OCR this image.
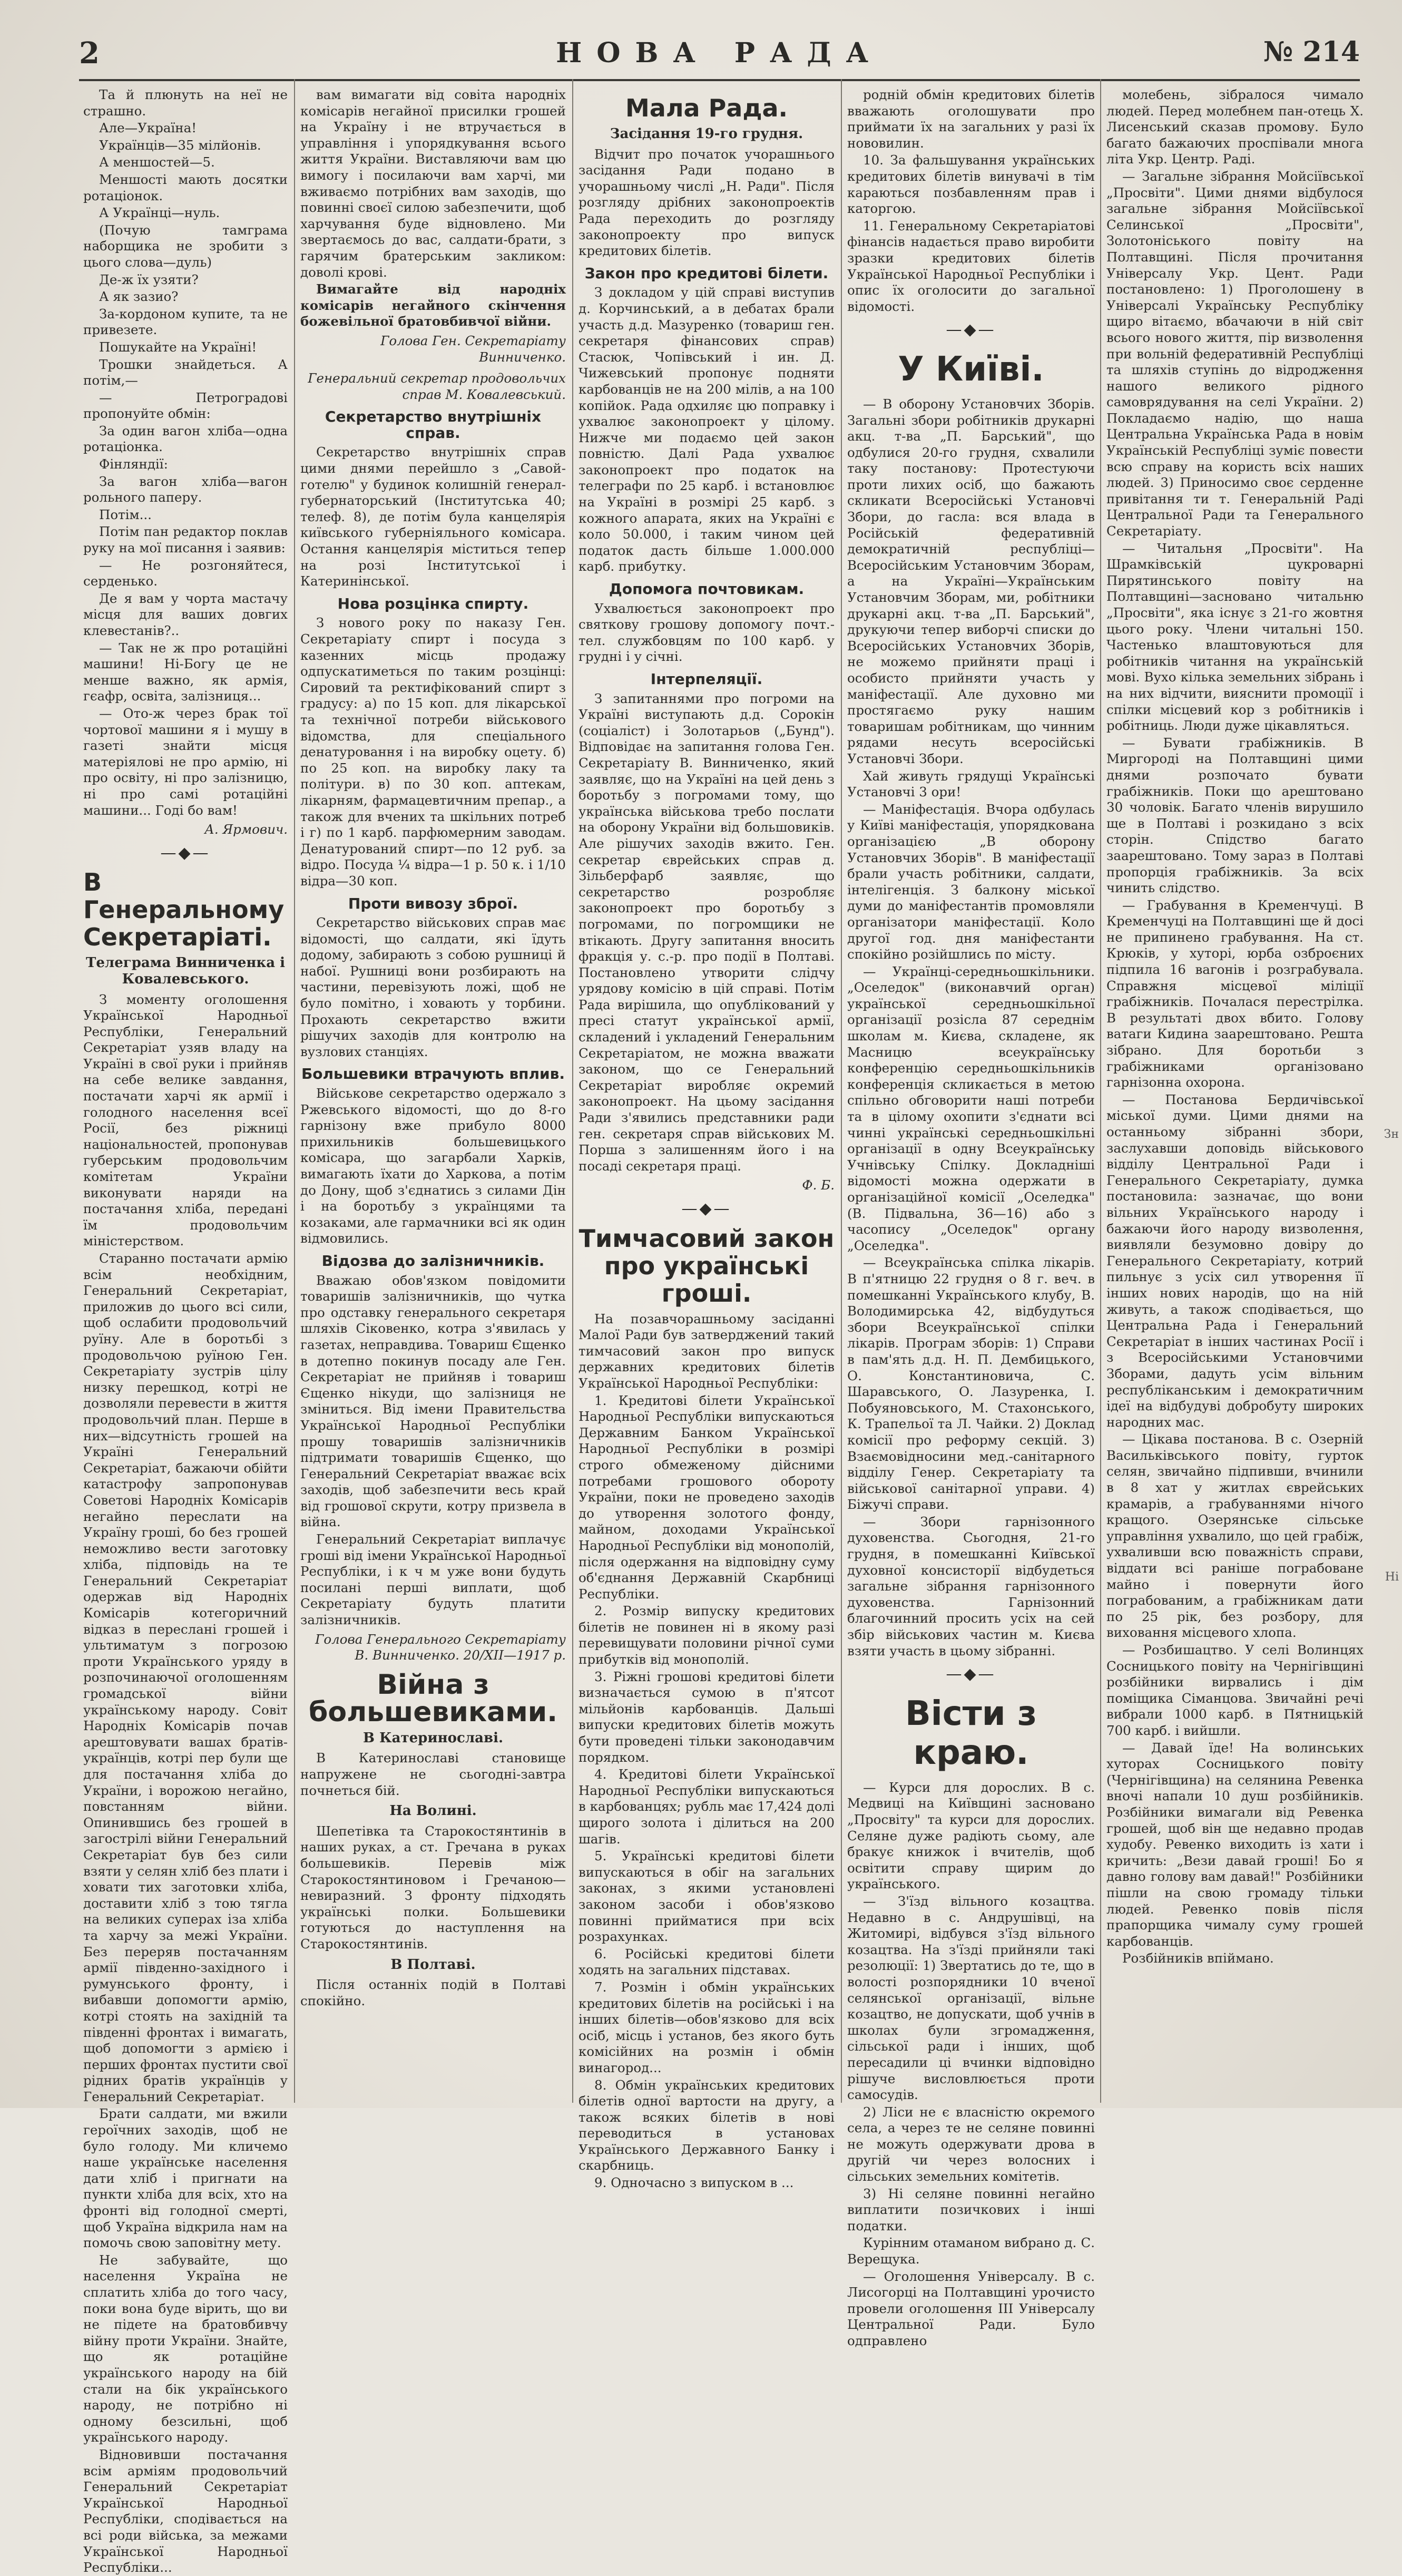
2	НОВА РАДА	№ 214

Та й плюнуть на неї не страшно.

Але—Україна!

Українців—35 мілйонів.

А меншостей—5.

Меншості мають досятки ротаціонок.

А Українці—нуль.

(Почую тамграма наборщика не зробити з цього слова—дуль)

Де-ж їх узяти?

А як зазио?

За-кордоном купите, та не привезете.

Пошукайте на Україні!

Трошки знайдеться. А потім,—

— Петроградові пропонуйте обмін:

За один вагон хліба—одна ротаціонка.

Фінляндії:

За вагон хліба—вагон рольного паперу.

Потім...

Потім пан редактор поклав руку на мої писання і заявив:

— Не розгоняйтеся, серденько.

Де я вам у чорта мастачу місця для ваших довгих клевестанів?..

— Так не ж про ротаційні машини! Ні-Богу це не менше важно, як армія, гєафр, освіта, залізниця...

— Ото-ж через брак тої чортової машини я і мушу в газеті знайти місця матеріялові не про армію, ні про освіту, ні про залізницю, ні про самі ротаційні машини... Годі бо вам!

А. Ярмович.
—◆—
В Генеральному Секретаріаті.
Телеграма Винниченка і Ковалевського.

З моменту оголошення Української Народньої Республіки, Генеральний Секретаріат узяв владу на Україні в свої руки і прийняв на себе велике завдання, постачати харчі як армії і голодного населення всеї Росії, без ріжниці національностей, пропонував губерським продовольчим комітетам України виконувати наряди на постачання хліба, передані їм продовольчим міністерством.

Старанно постачати армію всім необхідним, Генеральний Секретаріат, приложив до цього всі сили, щоб ослабити продовольчий руїну. Але в боротьбі з продовольчою руїною Ген. Секретаріату зустрів цілу низку перешкод, котрі не дозволяли перевести в життя продовольчий план. Перше в них—відсутність грошей на Україні Генеральний Секретаріат, бажаючи обійти катастрофу запропонував Советові Народніх Комісарів негайно переслати на Україну гроші, бо без грошей неможливо вести заготовку хліба, підповідь на те Генеральний Секретаріат одержав від Народніх Комісарів котегоричний відказ в переслані грошей і ультиматум з погрозою проти Українського уряду в розпочинаючої оголошенням громадської війни українському народу. Совіт Народніх Комісарів почав арештовувати вашах братів-українців, котрі пер були ще для постачання хліба до України, і ворожою негайно, повстанням війни. Опинившись без грошей в загострілі війни Генеральний Секретаріат був без сили взяти у селян хліб без плати і ховати тих заготовки хліба, доставити хліб з тою тягла на великих суперах іза хліба та харчу за межі України. Без переряв постачанням армії південно-західного і румунського фронту, і вибавши допомогти армію, котрі стоять на західній та південні фронтах і вимагать, щоб допомогти з армією і перших фронтах пустити свої рідних братів українців у Генеральний Секретаріат.

Брати салдати, ми вжили героїчних заходів, щоб не було голоду. Ми кличемо наше українське населення дати хліб і пригнати на пункти хліба для всіх, хто на фронті від голодної смерті, щоб Україна відкрила нам на помочь свою заповітну мету.

Не забувайте, що населення Україна не сплатить хліба до того часу, поки вона буде вірить, що ви не підете на братовбивчу війну проти України. Знайте, що як ротаційне українського народу на бій стали на бік українського народу, не потрібно ні одному безсильні, щоб українського народу.

Відновивши постачання всім арміям продовольчий Генеральний Секретаріат Української Народньої Республіки, сподівається на всі роди війська, за межами Української Народньої Республіки...

вам вимагати від совіта народніх комісарів негайної присилки грошей на Україну і не втручається в управління і упорядкування всього життя України. Виставляючи вам цю вимогу і посилаючи вам харчі, ми вживаємо потрібних вам заходів, що повинні своєї силою забезпечити, щоб харчування буде відновлено. Ми звертаємось до вас, салдати-брати, з гарячим братерським закликом: доволі крові.

Вимагайте від народніх комісарів негайного скінчення божевільної братовбивчої війни.

Голова Ген. Секретаріату Винниченко.
Генеральний секретар продовольчих справ М. Ковалевський.
Секретарство внутрішніх справ.

Секретарство внутрішніх справ цими днями перейшло з „Савой-готелю" у будинок колишній генерал-губернаторський (Інститутська 40; телеф. 8), де потім була канцелярія київського губерніяльного комісара. Остання канцелярія міститься тепер на розі Інститутської і Катеринінської.

Нова розцінка спирту.

З нового року по наказу Ген. Секретаріату спирт і посуда з казенних місць продажу одпускатиметься по таким розцінці: Сировий та ректифікований спирт з градусу: а) по 15 коп. для лікарської та технічної потреби військового відомства, для спеціального денатуровання і на виробку оцету. б) по 25 коп. на виробку лаку та політури. в) по 30 коп. аптекам, лікарням, фармацевтичним препар., а також для вчених та шкільних потреб і г) по 1 карб. парфюмерним заводам. Денатурований спирт—по 12 руб. за відро. Посуда ¼ відра—1 р. 50 к. і 1/10 відра—30 коп.

Проти вивозу зброї.

Секретарство військових справ має відомості, що салдати, які їдуть додому, забирають з собою рушниці й набої. Рушниці вони розбирають на частини, перевізують ложі, щоб не було помітно, і ховають у торбини. Прохають секретарство вжити рішучих заходів для контролю на вузлових станціях.

Большевики втрачують вплив.

Військове секретарство одержало з Ржевського відомості, що до 8-го гарнізону вже прибуло 8000 прихильників большевицького комісара, що загарбали Харків, вимагають їхати до Харкова, а потім до Дону, щоб з'єднатись з силами Дін і на боротьбу з українцями та козаками, але гармачники всі як один відмовились.

Відозва до залізничників.

Вважаю обов'язком повідомити товаришів залізничників, що чутка про одставку генерального секретаря шляхів Сіковенко, котра з'явилась у газетах, неправдива. Товариш Єщенко в дотепно покинув посаду але Ген. Секретаріат не прийняв і товариш Єщенко нікуди, що залізниця не зміниться. Від імени Правительства Української Народньої Республіки прошу товаришів залізничників підтримати товаришів Єщенко, що Генеральний Секретаріат вважає всіх заходів, щоб забезпечити весь край від грошової скрути, котру призвела в війна.

Генеральний Секретаріат виплачує гроші від імени Української Народньої Республіки, і к ч м уже вони будуть посилані перші виплати, щоб Секретаріату будуть платити залізничників.

Голова Генерального Секретаріату В. Винниченко. 20/XII—1917 р.
Війна з большевиками.
В Катеринославі.

В Катеринославі становище напружене не сьогодні-завтра почнеться бій.

На Волині.

Шепетівка та Старокостянтинів в наших руках, а ст. Гречана в руках большевиків. Перевів між Старокостянтиновом і Гречаною—невиразний. З фронту підходять українські полки. Большевики готуються до наступлення на Старокостянтинів.

В Полтаві.

Після останніх подій в Полтаві спокійно.

Мала Рада.
Засідання 19-го грудня.

Відчит про початок учорашнього засідання Ради подано в учорашньому числі „Н. Ради". Після розгляду дрібних законопроектів Рада переходить до розгляду законопроекту про випуск кредитових білетів.

Закон про кредитові білети.

З докладом у цій справі виступив д. Корчинський, а в дебатах брали участь д.д. Мазуренко (товариш ген. секретаря фінансових справ) Стасюк, Чопівський і ин. Д. Чижевський пропонує подняти карбованців не на 200 мілів, а на 100 копійок. Рада одхиляє цю поправку і ухвалює законопроект у цілому. Нижче ми подаємо цей закон повністю. Далі Рада ухвалює законопроект про податок на телеграфи по 25 карб. і встановлює на Україні в розмірі 25 карб. з кожного апарата, яких на Україні є коло 50.000, і таким чином цей податок дасть більше 1.000.000 карб. прибутку.

Допомога почтовикам.

Ухвалюється законопроект про святкову грошову допомогу почт.-тел. службовцям по 100 карб. у грудні і у січні.

Інтерпеляції.

З запитаннями про погроми на Україні виступають д.д. Сорокін (соціаліст) і Золотарьов („Бунд"). Відповідає на запитання голова Ген. Секретаріату В. Винниченко, який заявляє, що на Україні на цей день з боротьбу з погромами тому, що українська військова требо послати на оборону України від большовиків. Але рішучих заходів вжито. Ген. секретар єврейських справ д. Зільберфарб заявляє, що секретарство розробляє законопроект про боротьбу з погромами, по погромщики не втікають. Другу запитання вносить фракція у. с.-р. про події в Полтаві. Постановлено утворити слідчу урядову комісію в цій справі. Потім Рада вирішила, що опублікований у пресі статут української армії, складений і укладений Генеральним Секретаріатом, не можна вважати законом, що се Генеральний Секретаріат виробляє окремий законопроект. На цьому засідання Ради з'явились представники ради ген. секретаря справ військових М. Порша з залишенням його і на посаді секретаря праці.

Ф. Б.
—◆—
Тимчасовий закон про українські гроші.

На позавчорашньому засіданні Малої Ради був затверджений такий тимчасовий закон про випуск державних кредитових білетів Української Народньої Республіки:

1. Кредитові білети Української Народньої Республіки випускаються Державним Банком Української Народньої Республіки в розмірі строго обмеженому дійсними потребами грошового обороту України, поки не проведено заходів до утворення золотого фонду, майном, доходами Української Народньої Республіки від монополій, після одержання на відповідну суму об'єднання Державній Скарбниці Республіки.

2. Розмір випуску кредитових білетів не повинен ні в якому разі перевищувати половини річної суми прибутків від монополій.

3. Ріжні грошові кредитові білети визначається сумою в п'ятсот мільйонів карбованців. Дальші випуски кредитових білетів можуть бути проведені тільки законодавчим порядком.

4. Кредитові білети Української Народньої Республіки випускаються в карбованцях; рубль має 17,424 долі щирого золота і ділиться на 200 шагів.

5. Українські кредитові білети випускаються в обіг на загальних законах, з якими установлені законом засоби і обов'язково повинні прийматися при всіх розрахунках.

6. Російські кредитові білети ходять на загальних підставах.

7. Розмін і обмін українських кредитових білетів на російські і на інших білетів—обов'язково для всіх осіб, місць і установ, без якого буть комісійних на розмін і обмін винагород...

8. Обмін українських кредитових білетів одної вартости на другу, а також всяких білетів в нові переводиться в установах Українського Державного Банку і скарбниць.

9. Одночасно з випуском в ...

родній обмін кредитових білетів вважають оголошувати про приймати їх на загальних у разі їх нововилин.

10. За фальшування українських кредитових білетів винувачі в тім караються позбавленням прав і каторгою.

11. Генеральному Секретаріатові фінансів надається право виробити зразки кредитових білетів Української Народньої Республіки і опис їх оголосити до загальної відомості.

—◆—
У Київі.

— В оборону Установчих Зборів. Загальні збори робітників друкарні акц. т-ва „П. Барський", що одбулися 20-го грудня, схвалили таку постанову: Протестуючи проти лихих осіб, що бажають скликати Всеросійські Установчі Збори, до гасла: вся влада в Російській федеративній демократичній республіці—Всеросійським Установчим Зборам, а на Україні—Українським Установчим Зборам, ми, робітники друкарні акц. т-ва „П. Барський", друкуючи тепер виборчі списки до Всеросійських Установчих Зборів, не можемо прийняти праці і особисто прийняти участь у маніфестації. Але духовно ми простягаємо руку нашим товаришам робітникам, що чинним рядами несуть всеросійські Установчі Збори.

Хай живуть грядущі Українські Установчі 3 ори!

— Маніфестація. Вчора одбулась у Київі маніфестація, упорядкована організацією „В оборону Установчих Зборів". В маніфестації брали участь робітники, салдати, інтелігенція. З балкону міської думи до маніфестантів промовляли організатори маніфестації. Коло другої год. дня маніфестанти спокійно розійшлись по місту.

— Українці-середньошкільники. „Оселедок" (виконавчий орган) української середньошкільної організації розісла 87 середнім школам м. Києва, складене, як Масницю всеукраїнську конференцію середньошкільників конференція скликається в метою спільно обговорити наші потреби та в цілому охопити з'єднати всі чинні українські середньошкільні організації в одну Всеукраїнську Учнівську Спілку. Докладніші відомості можна одержати в організаційної комісії „Оселедка" (В. Підвальна, 36—16) або з часопису „Оселедок" органу „Оселедка".

— Всеукраїнська спілка лікарів. В п'ятницю 22 грудня о 8 г. веч. в помешканні Українського клубу, В. Володимирська 42, відбудуться збори Всеукраїнської спілки лікарів. Програм зборів: 1) Справи в пам'ять д.д. Н. П. Дембицького, О. Константиновича, С. Шаравського, О. Лазуренка, І. Побуяновського, М. Стахонського, К. Трапельої та Л. Чайки. 2) Доклад комісії про реформу секцій. 3) Взаємовідносини мед.-санітарного відділу Генер. Секретаріату та військової санітарної управи. 4) Біжучі справи.

— Збори гарнізонного духовенства. Сьогодня, 21-го грудня, в помешканні Київської духовної консисторії відбудеться загальне зібрання гарнізонного духовенства. Гарнізонний благочинний просить усіх на сей збір військових частин м. Києва взяти участь в цьому зібранні.

—◆—
Вісти з краю.

— Курси для дорослих. В с. Медвиці на Київщині засновано „Просвіту" та курси для дорослих. Селяне дуже радіють сьому, але бракує книжок і вчителів, щоб освітити справу щирим до українського.

— З'їзд вільного козацтва. Недавно в с. Андрушівці, на Житомирі, відбувся з'їзд вільного козацтва. На з'їзді прийняли такі резолюції: 1) Звертатись до те, що в волості розпорядники 10 вченої селянської організації, вільне козацтво, не допускати, щоб учнів в школах були згромадження, сільської ради і інших, щоб пересадили ці вчинки відповідно рішуче висловлюється проти самосудів.

2) Ліси не є власністю окремого села, а через те не селяне повинні не можуть одержувати дрова в другій чи через волосних і сільських земельних комітетів.

3) Ні селяне повинні негайно виплатити позичкових і інші податки.

Курінним отаманом вибрано д. С. Верещука.

— Оголошення Універсалу. В с. Лисогорці на Полтавщині урочисто провели оголошення III Універсалу Центральної Ради. Було одправлено

молебень, зібралося чимало людей. Перед молебнем пан-отець Х. Лисенський сказав промову. Було багато бажаючих проспівали многа літа Укр. Центр. Раді.

— Загальне зібрання Мойсіївської „Просвіти". Цими днями відбулося загальне зібрання Мойсіївської Селинської „Просвіти", Золотоніського повіту на Полтавщині. Після прочитання Універсалу Укр. Цент. Ради постановлено: 1) Проголошену в Універсалі Українську Республіку щиро вітаємо, вбачаючи в ній світ всього нового життя, пір визволення при вольній федеративній Республіці та шляхів ступінь до відродження нашого великого рідного самоврядування на селі України. 2) Покладаємо надію, що наша Центральна Українська Рада в новім Українській Республіці зуміє повести всю справу на користь всіх наших людей. 3) Приносимо своє серденне привітання ти т. Генеральній Раді Центральної Ради та Генерального Секретаріату.

— Читальня „Просвіти". На Шрамківській цукроварні Пирятинського повіту на Полтавщині—засновано читальню „Просвіти", яка існує з 21-го жовтня цього року. Члени читальні 150. Частенько влаштовуються для робітників читання на українській мові. Вухо кілька земельних зібрань і на них відчити, вияснити промоції і спілки місцевий кор з робітників і робітниць. Люди дуже цікавляться.

— Бувати грабіжників. В Миргороді на Полтавщині цими днями розпочато бувати грабіжників. Поки що арештовано 30 чоловік. Багато членів вирушило ще в Полтаві і розкидано з всіх сторін. Спідство багато заарештовано. Тому зараз в Полтаві пропорція грабіжників. За всіх чинить слідство.

— Грабування в Кременчуці. В Кременчуці на Полтавщині ще й досі не припинено грабування. На ст. Крюків, у хуторі, юрба озброєних підпила 16 вагонів і розграбувала. Справжня місцевої міліції грабіжників. Почалася перестрілка. В результаті двох вбито. Голову ватаги Кидина заарештовано. Решта зібрано. Для боротьби з грабіжниками організовано гарнізонна охорона.

— Постанова Бердичівської міської думи. Цими днями на останньому зібранні збори, заслухавши доповідь військового відділу Центральної Ради і Генерального Секретаріату, думка постановила: зазначає, що вони вільних Українського народу і бажаючи його народу визволення, виявляли безумовно довіру до Генерального Секретаріату, котрий пильнує з усіх сил утворення її інших нових народів, що на ній живуть, а також сподівається, що Центральна Рада і Генеральний Секретаріат в інших частинах Росії і з Всеросійськими Установчими Зборами, дадуть усім вільним республіканським і демократичним ідеї на відбудуві добробуту широких народних мас.

— Цікава постанова. В с. Озерній Васильківського повіту, гурток селян, звичайно підпивши, вчинили в 8 хат у житлах єврейських крамарів, а грабуваннями нічого кращого. Озерянське сільське управління ухвалило, що цей грабіж, ухваливши всю поважність справи, віддати всі раніше пограбоване майно і повернути його пограбованим, а грабіжникам дати по 25 рік, без розбору, для виховання місцевого хлопа.

— Розбишацтво. У селі Волинцях Сосницького повіту на Чернігівщині розбійники вирвались і дім поміщика Сіманцова. Звичайні речі вибрали 1000 карб. в Пятницькій 700 карб. і вийшли.

— Давай їде! На волинських хуторах Сосницького повіту (Чернігівщина) на селянина Ревенка вночі напали 10 душ розбійників. Розбійники вимагали від Ревенка грошей, щоб він ще недавно продав худобу. Ревенко виходить із хати і кричить: „Вези давай гроші! Бо я давно голову вам давай!" Розбійники пішли на свою громаду тільки людей. Ревенко повів після прапорщика чималу суму грошей карбованців.

Розбійників впіймано.

Зн
Ні
